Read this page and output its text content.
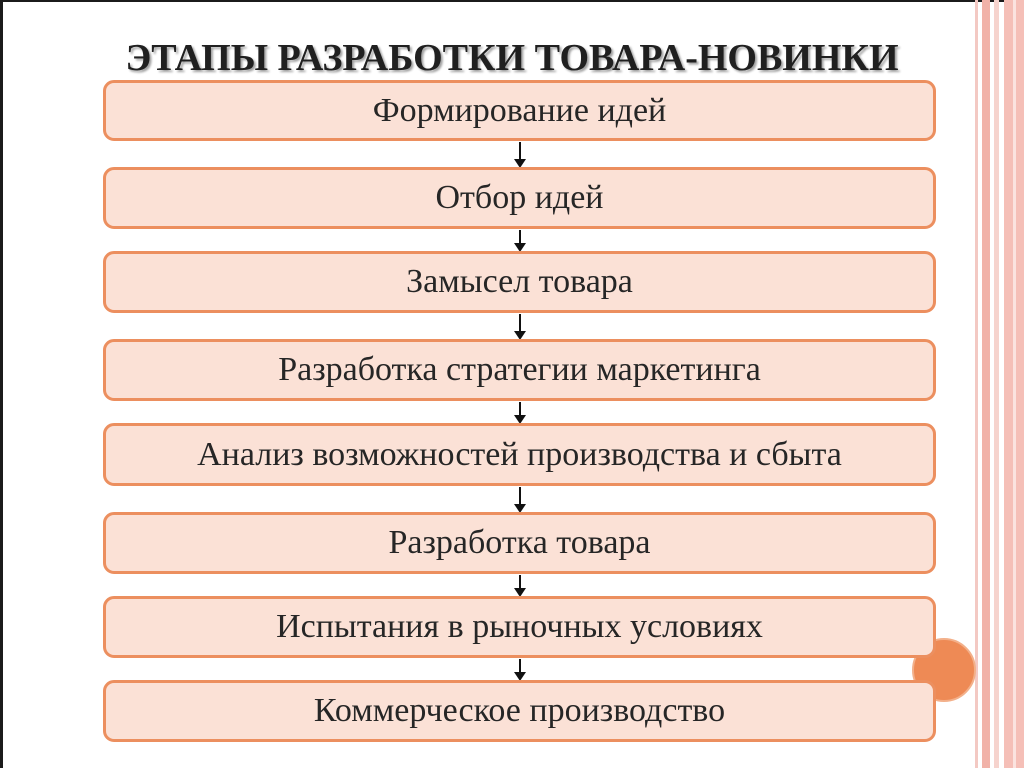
ЭТАПЫ РАЗРАБОТКИ ТОВАРА-НОВИНКИ
Формирование идей
Отбор идей
Замысел товара
Разработка стратегии маркетинга
Анализ возможностей производства и сбыта
Разработка товара
Испытания в рыночных условиях
Коммерческое производство
